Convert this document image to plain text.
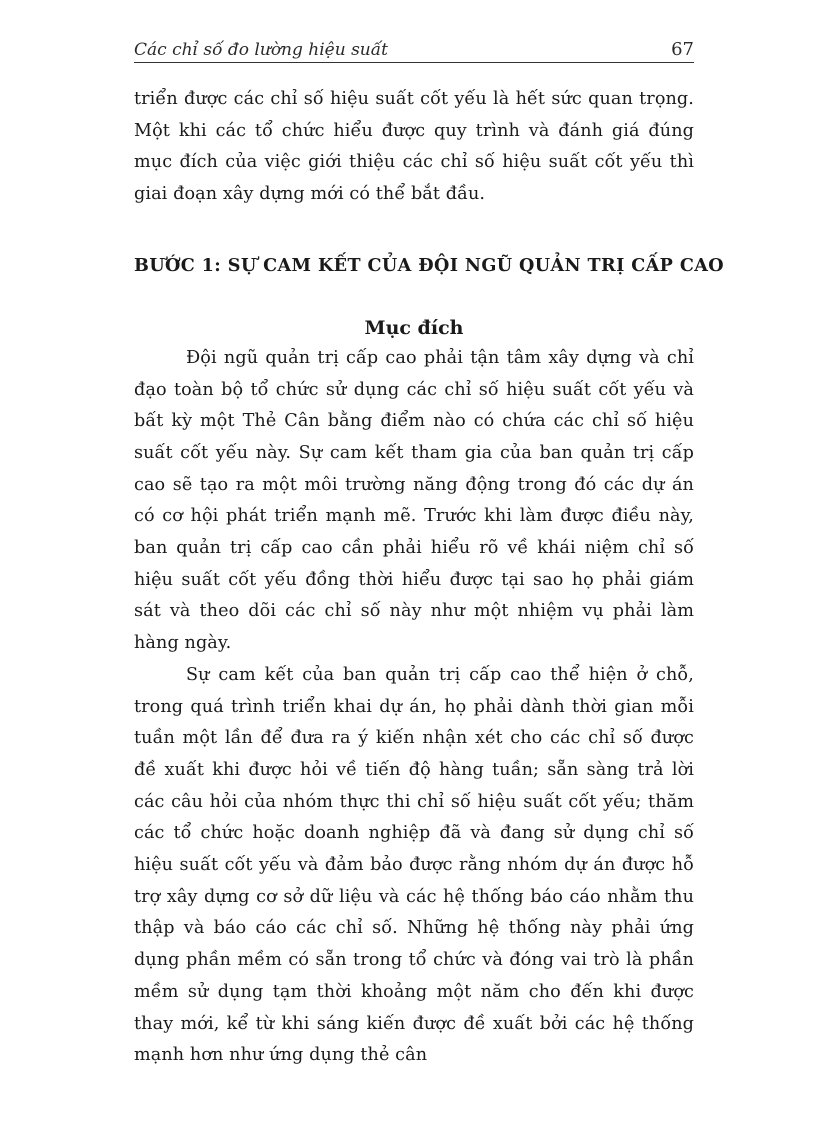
Các chỉ số đo lường hiệu suất	67

triển được các chỉ số hiệu suất cốt yếu là hết sức quan trọng. Một khi các tổ chức hiểu được quy trình và đánh giá đúng mục đích của việc giới thiệu các chỉ số hiệu suất cốt yếu thì giai đoạn xây dựng mới có thể bắt đầu.

BƯỚC 1: SỰ CAM KẾT CỦA ĐỘI NGŨ QUẢN TRỊ CẤP CAO
Mục đích

Đội ngũ quản trị cấp cao phải tận tâm xây dựng và chỉ đạo toàn bộ tổ chức sử dụng các chỉ số hiệu suất cốt yếu và bất kỳ một Thẻ Cân bằng điểm nào có chứa các chỉ số hiệu suất cốt yếu này. Sự cam kết tham gia của ban quản trị cấp cao sẽ tạo ra một môi trường năng động trong đó các dự án có cơ hội phát triển mạnh mẽ. Trước khi làm được điều này, ban quản trị cấp cao cần phải hiểu rõ về khái niệm chỉ số hiệu suất cốt yếu đồng thời hiểu được tại sao họ phải giám sát và theo dõi các chỉ số này như một nhiệm vụ phải làm hàng ngày.

Sự cam kết của ban quản trị cấp cao thể hiện ở chỗ, trong quá trình triển khai dự án, họ phải dành thời gian mỗi tuần một lần để đưa ra ý kiến nhận xét cho các chỉ số được đề xuất khi được hỏi về tiến độ hàng tuần; sẵn sàng trả lời các câu hỏi của nhóm thực thi chỉ số hiệu suất cốt yếu; thăm các tổ chức hoặc doanh nghiệp đã và đang sử dụng chỉ số hiệu suất cốt yếu và đảm bảo được rằng nhóm dự án được hỗ trợ xây dựng cơ sở dữ liệu và các hệ thống báo cáo nhằm thu thập và báo cáo các chỉ số. Những hệ thống này phải ứng dụng phần mềm có sẵn trong tổ chức và đóng vai trò là phần mềm sử dụng tạm thời khoảng một năm cho đến khi được thay mới, kể từ khi sáng kiến được đề xuất bởi các hệ thống mạnh hơn như ứng dụng thẻ cân
